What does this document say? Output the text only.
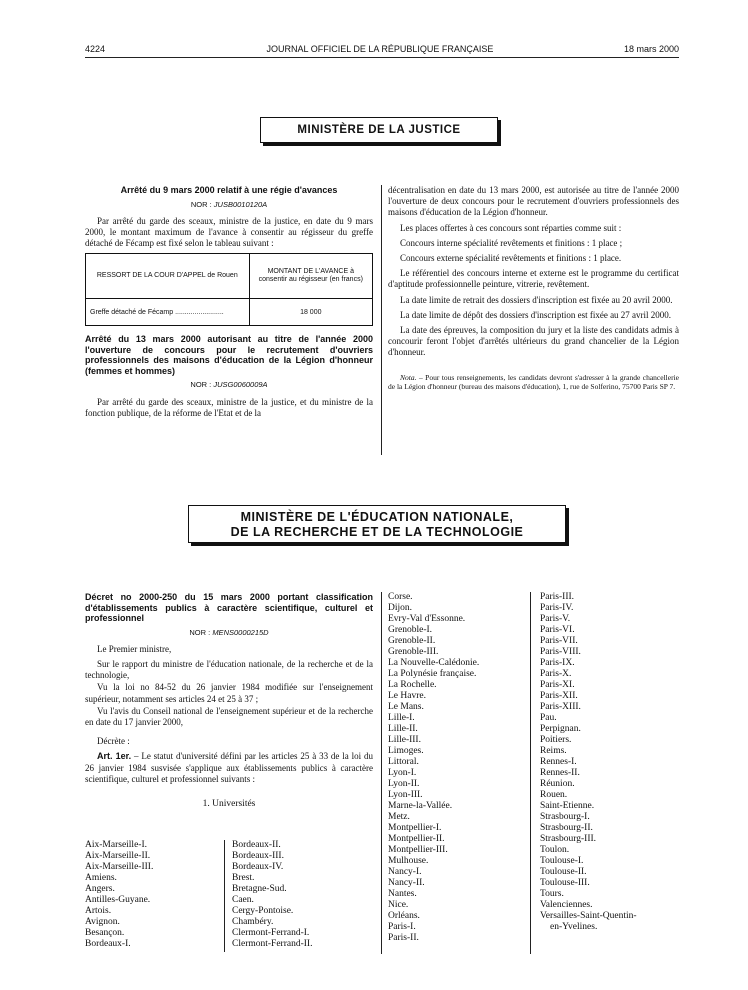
4224	JOURNAL OFFICIEL DE LA RÉPUBLIQUE FRANÇAISE	18 mars 2000
MINISTÈRE DE LA JUSTICE
Arrêté du 9 mars 2000 relatif à une régie d'avances
NOR : JUSB0010120A

Par arrêté du garde des sceaux, ministre de la justice, en date du 9 mars 2000, le montant maximum de l'avance à consentir au régisseur du greffe détaché de Fécamp est fixé selon le tableau suivant :

RESSORT DE LA COUR D'APPEL de Rouen	MONTANT DE L'AVANCE à consentir au régisseur (en francs)
Greffe détaché de Fécamp .........................	18 000
Arrêté du 13 mars 2000 autorisant au titre de l'année 2000 l'ouverture de concours pour le recrutement d'ouvriers professionnels des maisons d'éducation de la Légion d'honneur (femmes et hommes)
NOR : JUSG0060009A

Par arrêté du garde des sceaux, ministre de la justice, et du ministre de la fonction publique, de la réforme de l'Etat et de la

décentralisation en date du 13 mars 2000, est autorisée au titre de l'année 2000 l'ouverture de deux concours pour le recrutement d'ouvriers professionnels des maisons d'éducation de la Légion d'honneur.

Les places offertes à ces concours sont réparties comme suit :

Concours interne spécialité revêtements et finitions : 1 place ;

Concours externe spécialité revêtements et finitions : 1 place.

Le référentiel des concours interne et externe est le programme du certificat d'aptitude professionnelle peinture, vitrerie, revêtement.

La date limite de retrait des dossiers d'inscription est fixée au 20 avril 2000.

La date limite de dépôt des dossiers d'inscription est fixée au 27 avril 2000.

La date des épreuves, la composition du jury et la liste des candidats admis à concourir feront l'objet d'arrêtés ultérieurs du grand chancelier de la Légion d'honneur.

Nota. – Pour tous renseignements, les candidats devront s'adresser à la grande chancellerie de la Légion d'honneur (bureau des maisons d'éducation), 1, rue de Solferino, 75700 Paris SP 7.

MINISTÈRE DE L'ÉDUCATION NATIONALE,
DE LA RECHERCHE ET DE LA TECHNOLOGIE
Décret no 2000-250 du 15 mars 2000 portant classification d'établissements publics à caractère scientifique, culturel et professionnel
NOR : MENS0000215D

Le Premier ministre,

Sur le rapport du ministre de l'éducation nationale, de la recherche et de la technologie,

Vu la loi no 84-52 du 26 janvier 1984 modifiée sur l'enseignement supérieur, notamment ses articles 24 et 25 à 37 ;

Vu l'avis du Conseil national de l'enseignement supérieur et de la recherche en date du 17 janvier 2000,

Décrète :

Art. 1er. – Le statut d'université défini par les articles 25 à 33 de la loi du 26 janvier 1984 susvisée s'applique aux établissements publics à caractère scientifique, culturel et professionnel suivants :

1. Universités

Aix-Marseille-I.
Aix-Marseille-II.
Aix-Marseille-III.
Amiens.
Angers.
Antilles-Guyane.
Artois.
Avignon.
Besançon.
Bordeaux-I.
Bordeaux-II.
Bordeaux-III.
Bordeaux-IV.
Brest.
Bretagne-Sud.
Caen.
Cergy-Pontoise.
Chambéry.
Clermont-Ferrand-I.
Clermont-Ferrand-II.
Corse.
Dijon.
Evry-Val d'Essonne.
Grenoble-I.
Grenoble-II.
Grenoble-III.
La Nouvelle-Calédonie.
La Polynésie française.
La Rochelle.
Le Havre.
Le Mans.
Lille-I.
Lille-II.
Lille-III.
Limoges.
Littoral.
Lyon-I.
Lyon-II.
Lyon-III.
Marne-la-Vallée.
Metz.
Montpellier-I.
Montpellier-II.
Montpellier-III.
Mulhouse.
Nancy-I.
Nancy-II.
Nantes.
Nice.
Orléans.
Paris-I.
Paris-II.
Paris-III.
Paris-IV.
Paris-V.
Paris-VI.
Paris-VII.
Paris-VIII.
Paris-IX.
Paris-X.
Paris-XI.
Paris-XII.
Paris-XIII.
Pau.
Perpignan.
Poitiers.
Reims.
Rennes-I.
Rennes-II.
Réunion.
Rouen.
Saint-Etienne.
Strasbourg-I.
Strasbourg-II.
Strasbourg-III.
Toulon.
Toulouse-I.
Toulouse-II.
Toulouse-III.
Tours.
Valenciennes.
Versailles-Saint-Quentin-
en-Yvelines.
